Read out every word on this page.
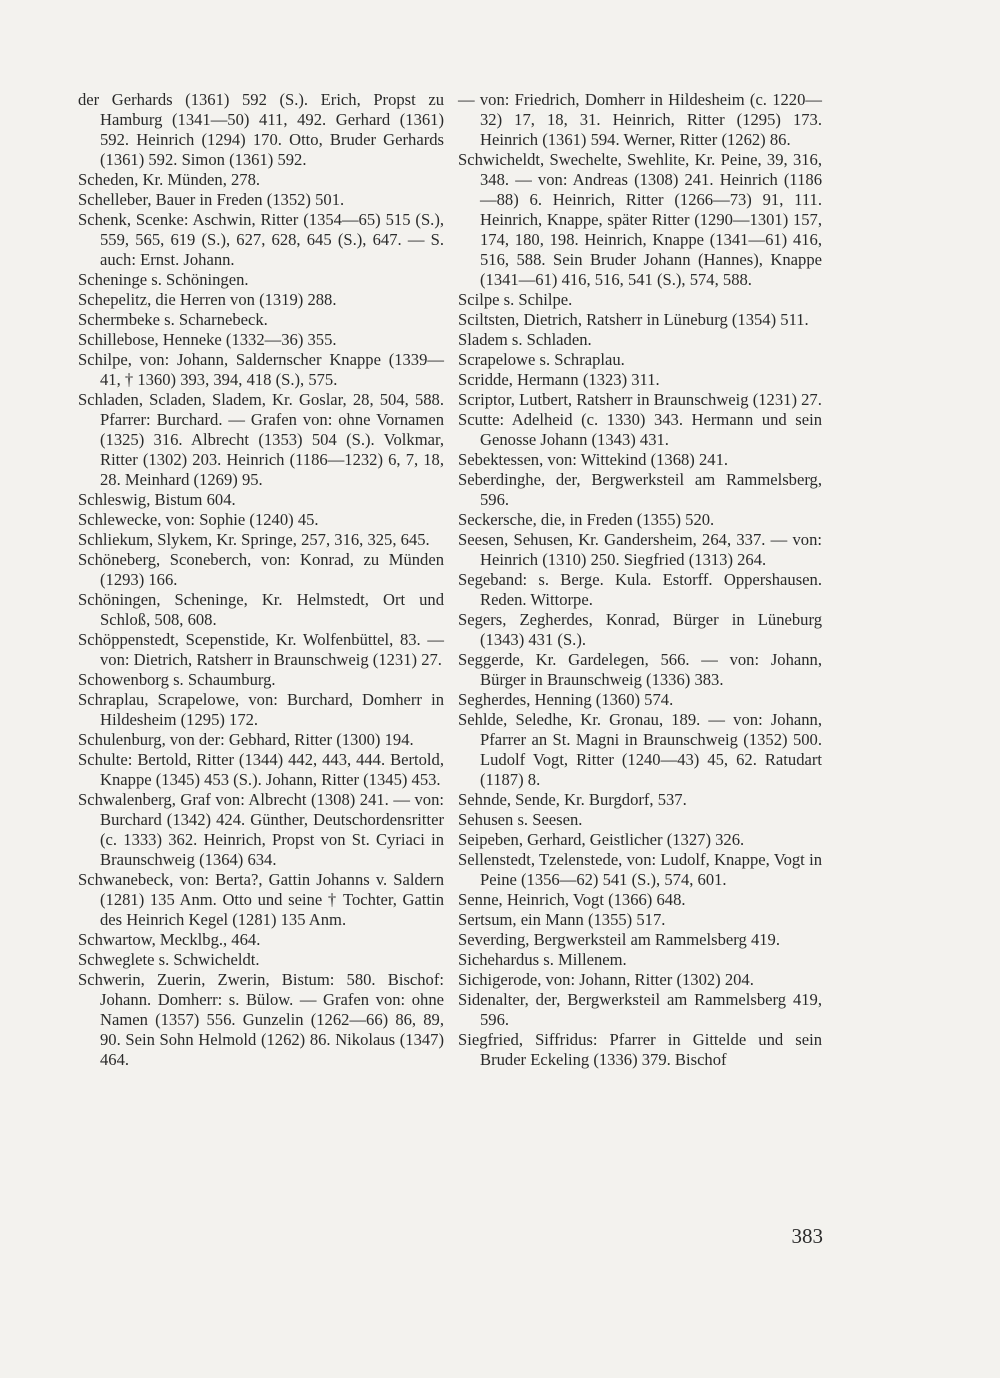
der Gerhards (1361) 592 (S.). Erich, Propst zu Hamburg (1341—50) 411, 492. Gerhard (1361) 592. Heinrich (1294) 170. Otto, Bruder Gerhards (1361) 592. Simon (1361) 592.

Scheden, Kr. Münden, 278.

Schelleber, Bauer in Freden (1352) 501.

Schenk, Scenke: Aschwin, Ritter (1354—65) 515 (S.), 559, 565, 619 (S.), 627, 628, 645 (S.), 647. — S. auch: Ernst. Johann.

Scheninge s. Schöningen.

Schepelitz, die Herren von (1319) 288.

Schermbeke s. Scharnebeck.

Schillebose, Henneke (1332—36) 355.

Schilpe, von: Johann, Saldernscher Knappe (1339—41, † 1360) 393, 394, 418 (S.), 575.

Schladen, Scladen, Sladem, Kr. Goslar, 28, 504, 588. Pfarrer: Burchard. — Grafen von: ohne Vornamen (1325) 316. Albrecht (1353) 504 (S.). Volkmar, Ritter (1302) 203. Heinrich (1186—1232) 6, 7, 18, 28. Meinhard (1269) 95.

Schleswig, Bistum 604.

Schlewecke, von: Sophie (1240) 45.

Schliekum, Slykem, Kr. Springe, 257, 316, 325, 645.

Schöneberg, Sconeberch, von: Konrad, zu Münden (1293) 166.

Schöningen, Scheninge, Kr. Helmstedt, Ort und Schloß, 508, 608.

Schöppenstedt, Scepenstide, Kr. Wolfenbüttel, 83. — von: Dietrich, Ratsherr in Braunschweig (1231) 27.

Schowenborg s. Schaumburg.

Schraplau, Scrapelowe, von: Burchard, Domherr in Hildesheim (1295) 172.

Schulenburg, von der: Gebhard, Ritter (1300) 194.

Schulte: Bertold, Ritter (1344) 442, 443, 444. Bertold, Knappe (1345) 453 (S.). Johann, Ritter (1345) 453.

Schwalenberg, Graf von: Albrecht (1308) 241. — von: Burchard (1342) 424. Günther, Deutschordensritter (c. 1333) 362. Heinrich, Propst von St. Cyriaci in Braunschweig (1364) 634.

Schwanebeck, von: Berta?, Gattin Johanns v. Saldern (1281) 135 Anm. Otto und seine † Tochter, Gattin des Heinrich Kegel (1281) 135 Anm.

Schwartow, Mecklbg., 464.

Schweglete s. Schwicheldt.

Schwerin, Zuerin, Zwerin, Bistum: 580. Bischof: Johann. Domherr: s. Bülow. — Grafen von: ohne Namen (1357) 556. Gunzelin (1262—66) 86, 89, 90. Sein Sohn Helmold (1262) 86. Nikolaus (1347) 464.

— von: Friedrich, Domherr in Hildesheim (c. 1220—32) 17, 18, 31. Heinrich, Ritter (1295) 173. Heinrich (1361) 594. Werner, Ritter (1262) 86.

Schwicheldt, Swechelte, Swehlite, Kr. Peine, 39, 316, 348. — von: Andreas (1308) 241. Heinrich (1186—88) 6. Heinrich, Ritter (1266—73) 91, 111. Heinrich, Knappe, später Ritter (1290—1301) 157, 174, 180, 198. Heinrich, Knappe (1341—61) 416, 516, 588. Sein Bruder Johann (Hannes), Knappe (1341—61) 416, 516, 541 (S.), 574, 588.

Scilpe s. Schilpe.

Sciltsten, Dietrich, Ratsherr in Lüneburg (1354) 511.

Sladem s. Schladen.

Scrapelowe s. Schraplau.

Scridde, Hermann (1323) 311.

Scriptor, Lutbert, Ratsherr in Braunschweig (1231) 27.

Scutte: Adelheid (c. 1330) 343. Hermann und sein Genosse Johann (1343) 431.

Sebektessen, von: Wittekind (1368) 241.

Seberdinghe, der, Bergwerksteil am Rammelsberg, 596.

Seckersche, die, in Freden (1355) 520.

Seesen, Sehusen, Kr. Gandersheim, 264, 337. — von: Heinrich (1310) 250. Siegfried (1313) 264.

Segeband: s. Berge. Kula. Estorff. Oppershausen. Reden. Wittorpe.

Segers, Zegherdes, Konrad, Bürger in Lüneburg (1343) 431 (S.).

Seggerde, Kr. Gardelegen, 566. — von: Johann, Bürger in Braunschweig (1336) 383.

Segherdes, Henning (1360) 574.

Sehlde, Seledhe, Kr. Gronau, 189. — von: Johann, Pfarrer an St. Magni in Braunschweig (1352) 500. Ludolf Vogt, Ritter (1240—43) 45, 62. Ratudart (1187) 8.

Sehnde, Sende, Kr. Burgdorf, 537.

Sehusen s. Seesen.

Seipeben, Gerhard, Geistlicher (1327) 326.

Sellenstedt, Tzelenstede, von: Ludolf, Knappe, Vogt in Peine (1356—62) 541 (S.), 574, 601.

Senne, Heinrich, Vogt (1366) 648.

Sertsum, ein Mann (1355) 517.

Severding, Bergwerksteil am Rammelsberg 419.

Sichehardus s. Millenem.

Sichigerode, von: Johann, Ritter (1302) 204.

Sidenalter, der, Bergwerksteil am Rammelsberg 419, 596.

Siegfried, Siffridus: Pfarrer in Gittelde und sein Bruder Eckeling (1336) 379. Bischof

383
